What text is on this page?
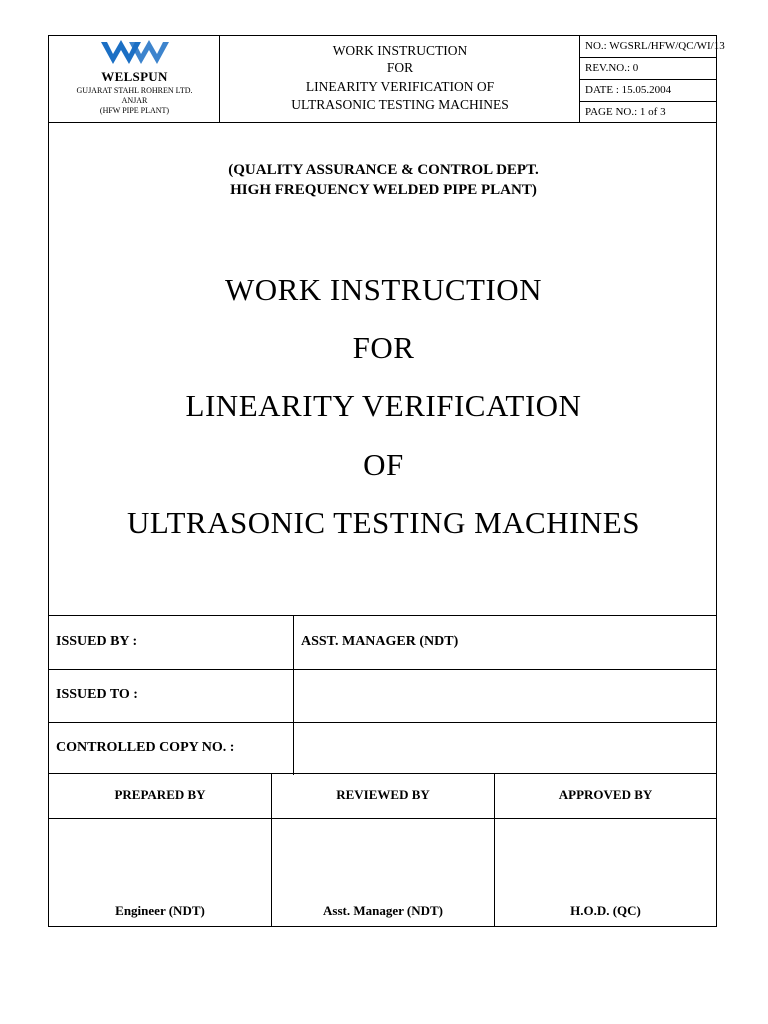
WELSPUN
GUJARAT STAHL ROHREN LTD.
ANJAR
(HFW PIPE PLANT)
WORK INSTRUCTION
FOR
LINEARITY VERIFICATION OF
ULTRASONIC TESTING MACHINES
NO.: WGSRL/HFW/QC/WI/13
REV.NO.: 0
DATE : 15.05.2004
PAGE NO.: 1 of 3
(QUALITY ASSURANCE & CONTROL DEPT.
HIGH FREQUENCY WELDED PIPE PLANT)
WORK INSTRUCTION
FOR
LINEARITY VERIFICATION
OF
ULTRASONIC TESTING MACHINES
ISSUED BY :	ASST. MANAGER (NDT)
ISSUED TO :
CONTROLLED COPY NO. :
PREPARED BY
Engineer (NDT)
REVIEWED BY
Asst. Manager (NDT)
APPROVED BY
H.O.D. (QC)
